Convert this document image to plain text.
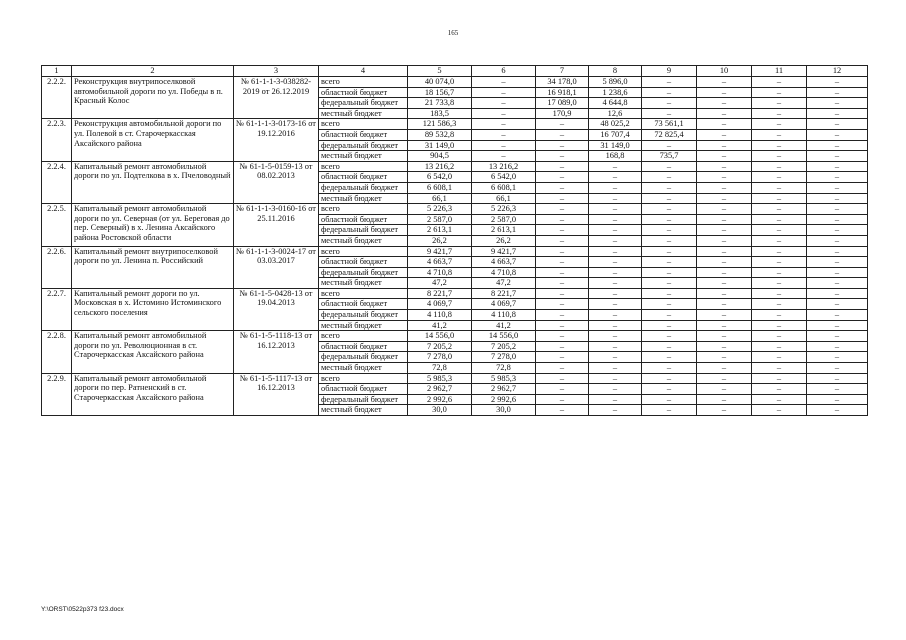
165
1	2	3	4	5	6	7	8	9	10	11	12
2.2.2.	Реконструкция внутрипоселковой автомобильной дороги по ул. Победы в п. Красный Колос	№ 61-1-1-3-038282-2019 от 26.12.2019	всего	40 074,0	–	34 178,0	5 896,0	–	–	–	–
			областной бюджет	18 156,7	–	16 918,1	1 238,6	–	–	–	–
			федеральный бюджет	21 733,8	–	17 089,0	4 644,8	–	–	–	–
			местный бюджет	183,5	–	170,9	12,6	–	–	–	–
2.2.3.	Реконструкция автомобильной дороги по ул. Полевой в ст. Старочеркасская Аксайского района	№ 61-1-1-3-0173-16 от 19.12.2016	всего	121 586,3	–	–	48 025,2	73 561,1	–	–	–
			областной бюджет	89 532,8	–	–	16 707,4	72 825,4	–	–	–
			федеральный бюджет	31 149,0	–	–	31 149,0	–	–	–	–
			местный бюджет	904,5	–	–	168,8	735,7	–	–	–
2.2.4.	Капитальный ремонт автомобильной дороги по ул. Подтелкова в х. Пчеловодный	№ 61-1-5-0159-13 от 08.02.2013	всего	13 216,2	13 216,2	–	–	–	–	–	–
			областной бюджет	6 542,0	6 542,0	–	–	–	–	–	–
			федеральный бюджет	6 608,1	6 608,1	–	–	–	–	–	–
			местный бюджет	66,1	66,1	–	–	–	–	–	–
2.2.5.	Капитальный ремонт автомобильной дороги по ул. Северная (от ул. Береговая до пер. Северный) в х. Ленина Аксайского района Ростовской области	№ 61-1-1-3-0160-16 от 25.11.2016	всего	5 226,3	5 226,3	–	–	–	–	–	–
			областной бюджет	2 587,0	2 587,0	–	–	–	–	–	–
			федеральный бюджет	2 613,1	2 613,1	–	–	–	–	–	–
			местный бюджет	26,2	26,2	–	–	–	–	–	–
2.2.6.	Капитальный ремонт внутрипоселковой дороги по ул. Ленина п. Российский	№ 61-1-1-3-0024-17 от 03.03.2017	всего	9 421,7	9 421,7	–	–	–	–	–	–
			областной бюджет	4 663,7	4 663,7	–	–	–	–	–	–
			федеральный бюджет	4 710,8	4 710,8	–	–	–	–	–	–
			местный бюджет	47,2	47,2	–	–	–	–	–	–
2.2.7.	Капитальный ремонт дороги по ул. Московская в х. Истомино Истоминского сельского поселения	№ 61-1-5-0428-13 от 19.04.2013	всего	8 221,7	8 221,7	–	–	–	–	–	–
			областной бюджет	4 069,7	4 069,7	–	–	–	–	–	–
			федеральный бюджет	4 110,8	4 110,8	–	–	–	–	–	–
			местный бюджет	41,2	41,2	–	–	–	–	–	–
2.2.8.	Капитальный ремонт автомобильной дороги по ул. Революционная в ст. Старочеркасская Аксайского района	№ 61-1-5-1118-13 от 16.12.2013	всего	14 556,0	14 556,0	–	–	–	–	–	–
			областной бюджет	7 205,2	7 205,2	–	–	–	–	–	–
			федеральный бюджет	7 278,0	7 278,0	–	–	–	–	–	–
			местный бюджет	72,8	72,8	–	–	–	–	–	–
2.2.9.	Капитальный ремонт автомобильной дороги по пер. Ратненский в ст. Старочеркасская Аксайского района	№ 61-1-5-1117-13 от 16.12.2013	всего	5 985,3	5 985,3	–	–	–	–	–	–
			областной бюджет	2 962,7	2 962,7	–	–	–	–	–	–
			федеральный бюджет	2 992,6	2 992,6	–	–	–	–	–	–
			местный бюджет	30,0	30,0	–	–	–	–	–	–
Y:\ORST\0522p373 f23.docx
